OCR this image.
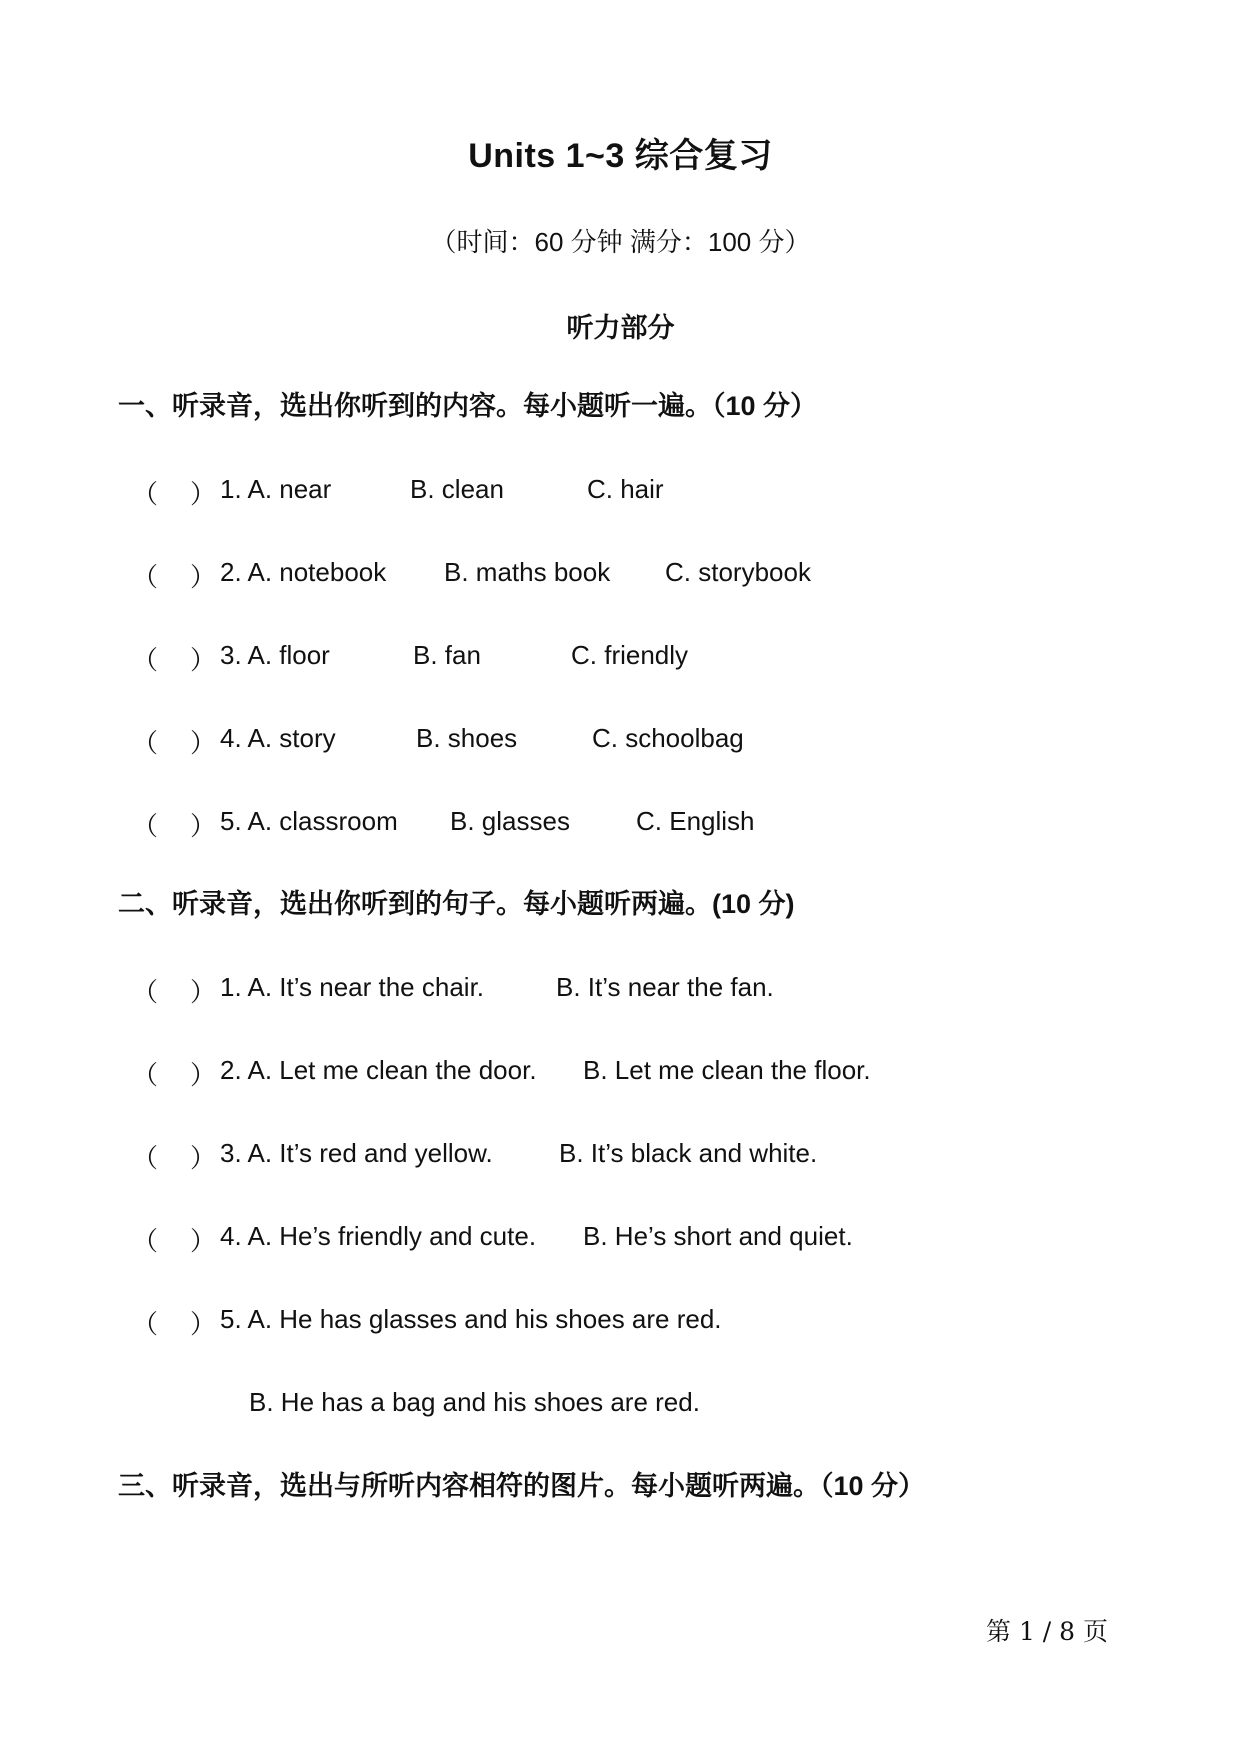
Units 1~3 综合复习
（时间：60 分钟 满分：100 分）
听力部分
一、听录音，选出你听到的内容。每小题听一遍。（10 分）
（ ） 1. A. near	B. clean	C. hair
（ ） 2. A. notebook B. maths book C. storybook
（ ） 3. A. floor	B. fan	C. friendly
（ ） 4. A. story	B. shoes	C. schoolbag
（ ） 5. A. classroom B. glasses	C. English
二、听录音，选出你听到的句子。每小题听两遍。(10 分)
（ ） 1. A. It’s near the chair.	B. It’s near the fan.
（ ） 2. A. Let me clean the door. B. Let me clean the floor.
（ ） 3. A. It’s red and yellow.	B. It’s black and white.
（ ） 4. A. He’s friendly and cute. B. He’s short and quiet.
（ ） 5. A. He has glasses and his shoes are red.
B. He has a bag and his shoes are red.
三、听录音，选出与所听内容相符的图片。每小题听两遍。（10 分）
第 1 / 8 页
